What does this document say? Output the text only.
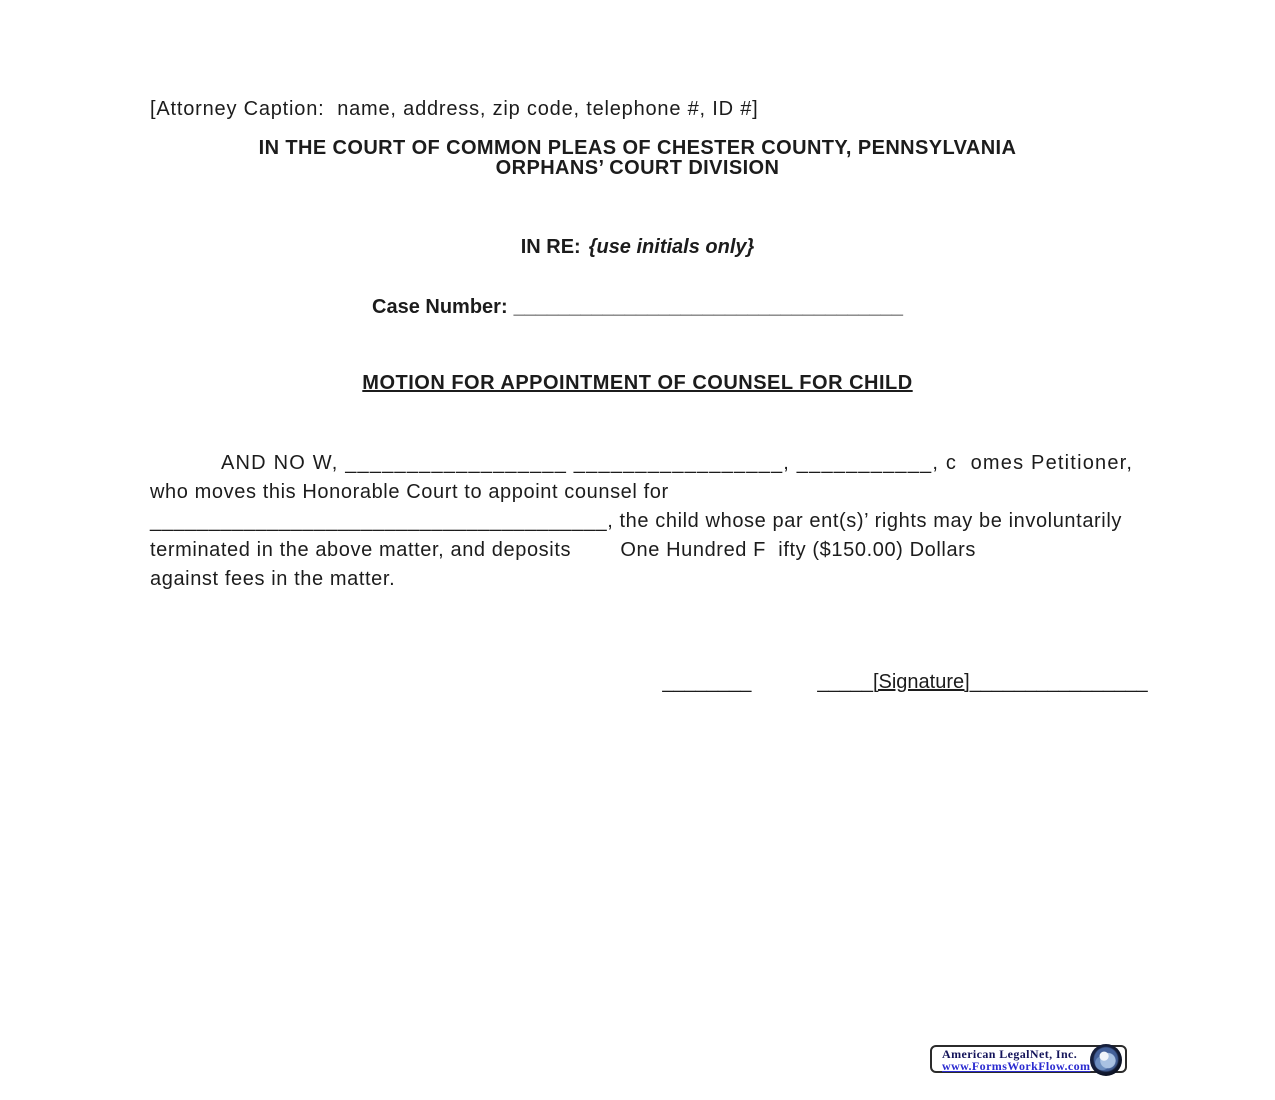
[Attorney Caption:  name, address, zip code, telephone #, ID #]

IN THE COURT OF COMMON PLEAS OF CHESTER COUNTY, PENNSYLVANIA
ORPHANS’ COURT DIVISION

IN RE: {use initials only}

Case Number: ___________________________________

MOTION FOR APPOINTMENT OF COUNSEL FOR CHILD
AND NO W, __________________ _________________, ___________, c  omes Petitioner,
who moves this Honorable Court to appoint counsel for
_______________________________________, the child whose par ent(s)’ rights may be involuntarily
terminated in the above matter, and deposits        One Hundred F  ifty ($150.00) Dollars
against fees in the matter.

________	_____[Signature]________________

American LegalNet, Inc.
www.FormsWorkFlow.com
